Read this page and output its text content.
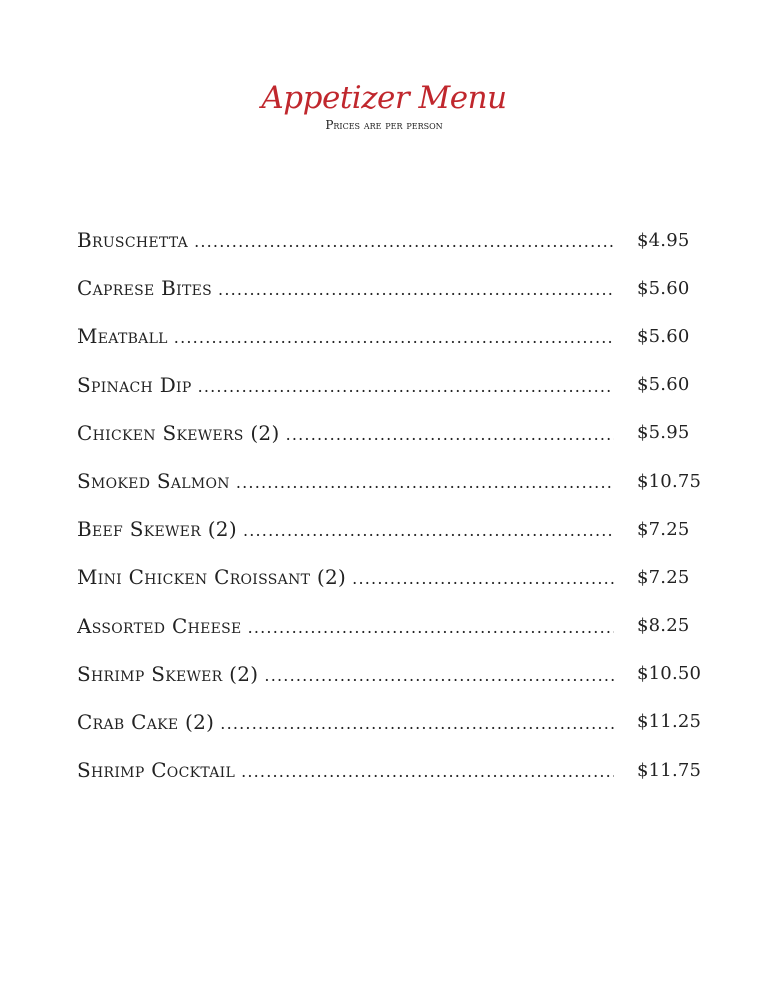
Appetizer Menu
Prices are per person
Bruschetta .....	$4.95
Caprese Bites .....	$5.60
Meatball .....	$5.60
Spinach Dip .....	$5.60
Chicken Skewers (2) .....	$5.95
Smoked Salmon .....	$10.75
Beef Skewer (2) .....	$7.25
Mini Chicken Croissant (2) .....	$7.25
Assorted Cheese .....	$8.25
Shrimp Skewer (2) .....	$10.50
Crab Cake (2) .....	$11.25
Shrimp Cocktail .....	$11.75
